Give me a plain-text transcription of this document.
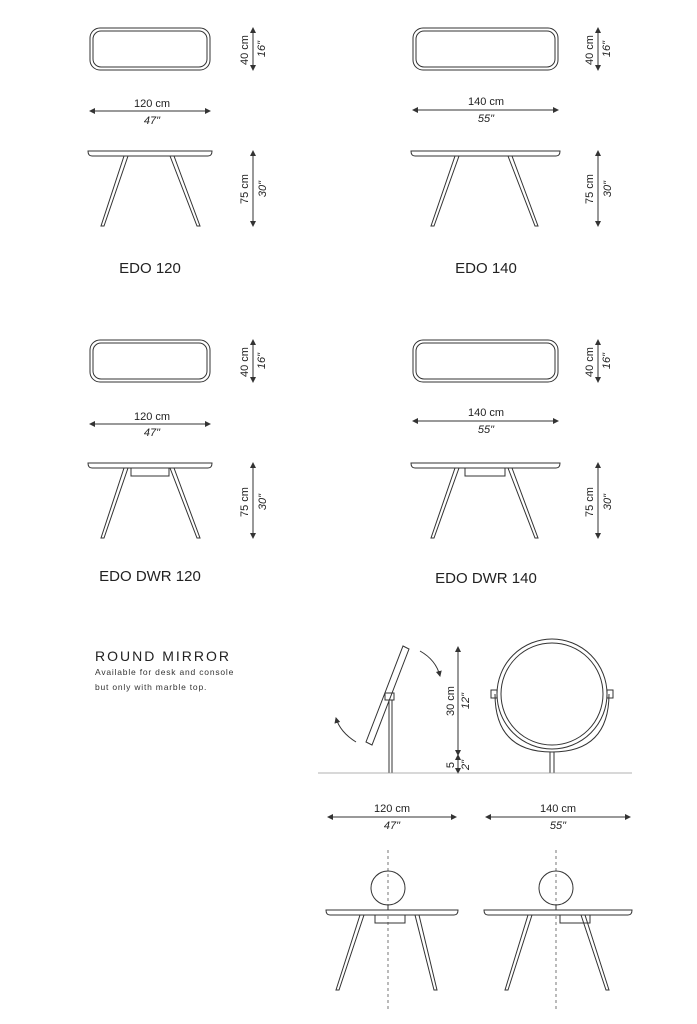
40 cm 16"
120 cm
47"
75 cm 30"
EDO 120
40 cm 16"
140 cm
55"
75 cm 30"
EDO 140
40 cm 16"
120 cm
47"
75 cm 30"
EDO DWR 120
40 cm 16"
140 cm
55"
75 cm 30"
EDO DWR 140
ROUND MIRROR
Available for desk and console
but only with marble top.	30 cm 12"
5 2"
120 cm
47"
140 cm
55"
